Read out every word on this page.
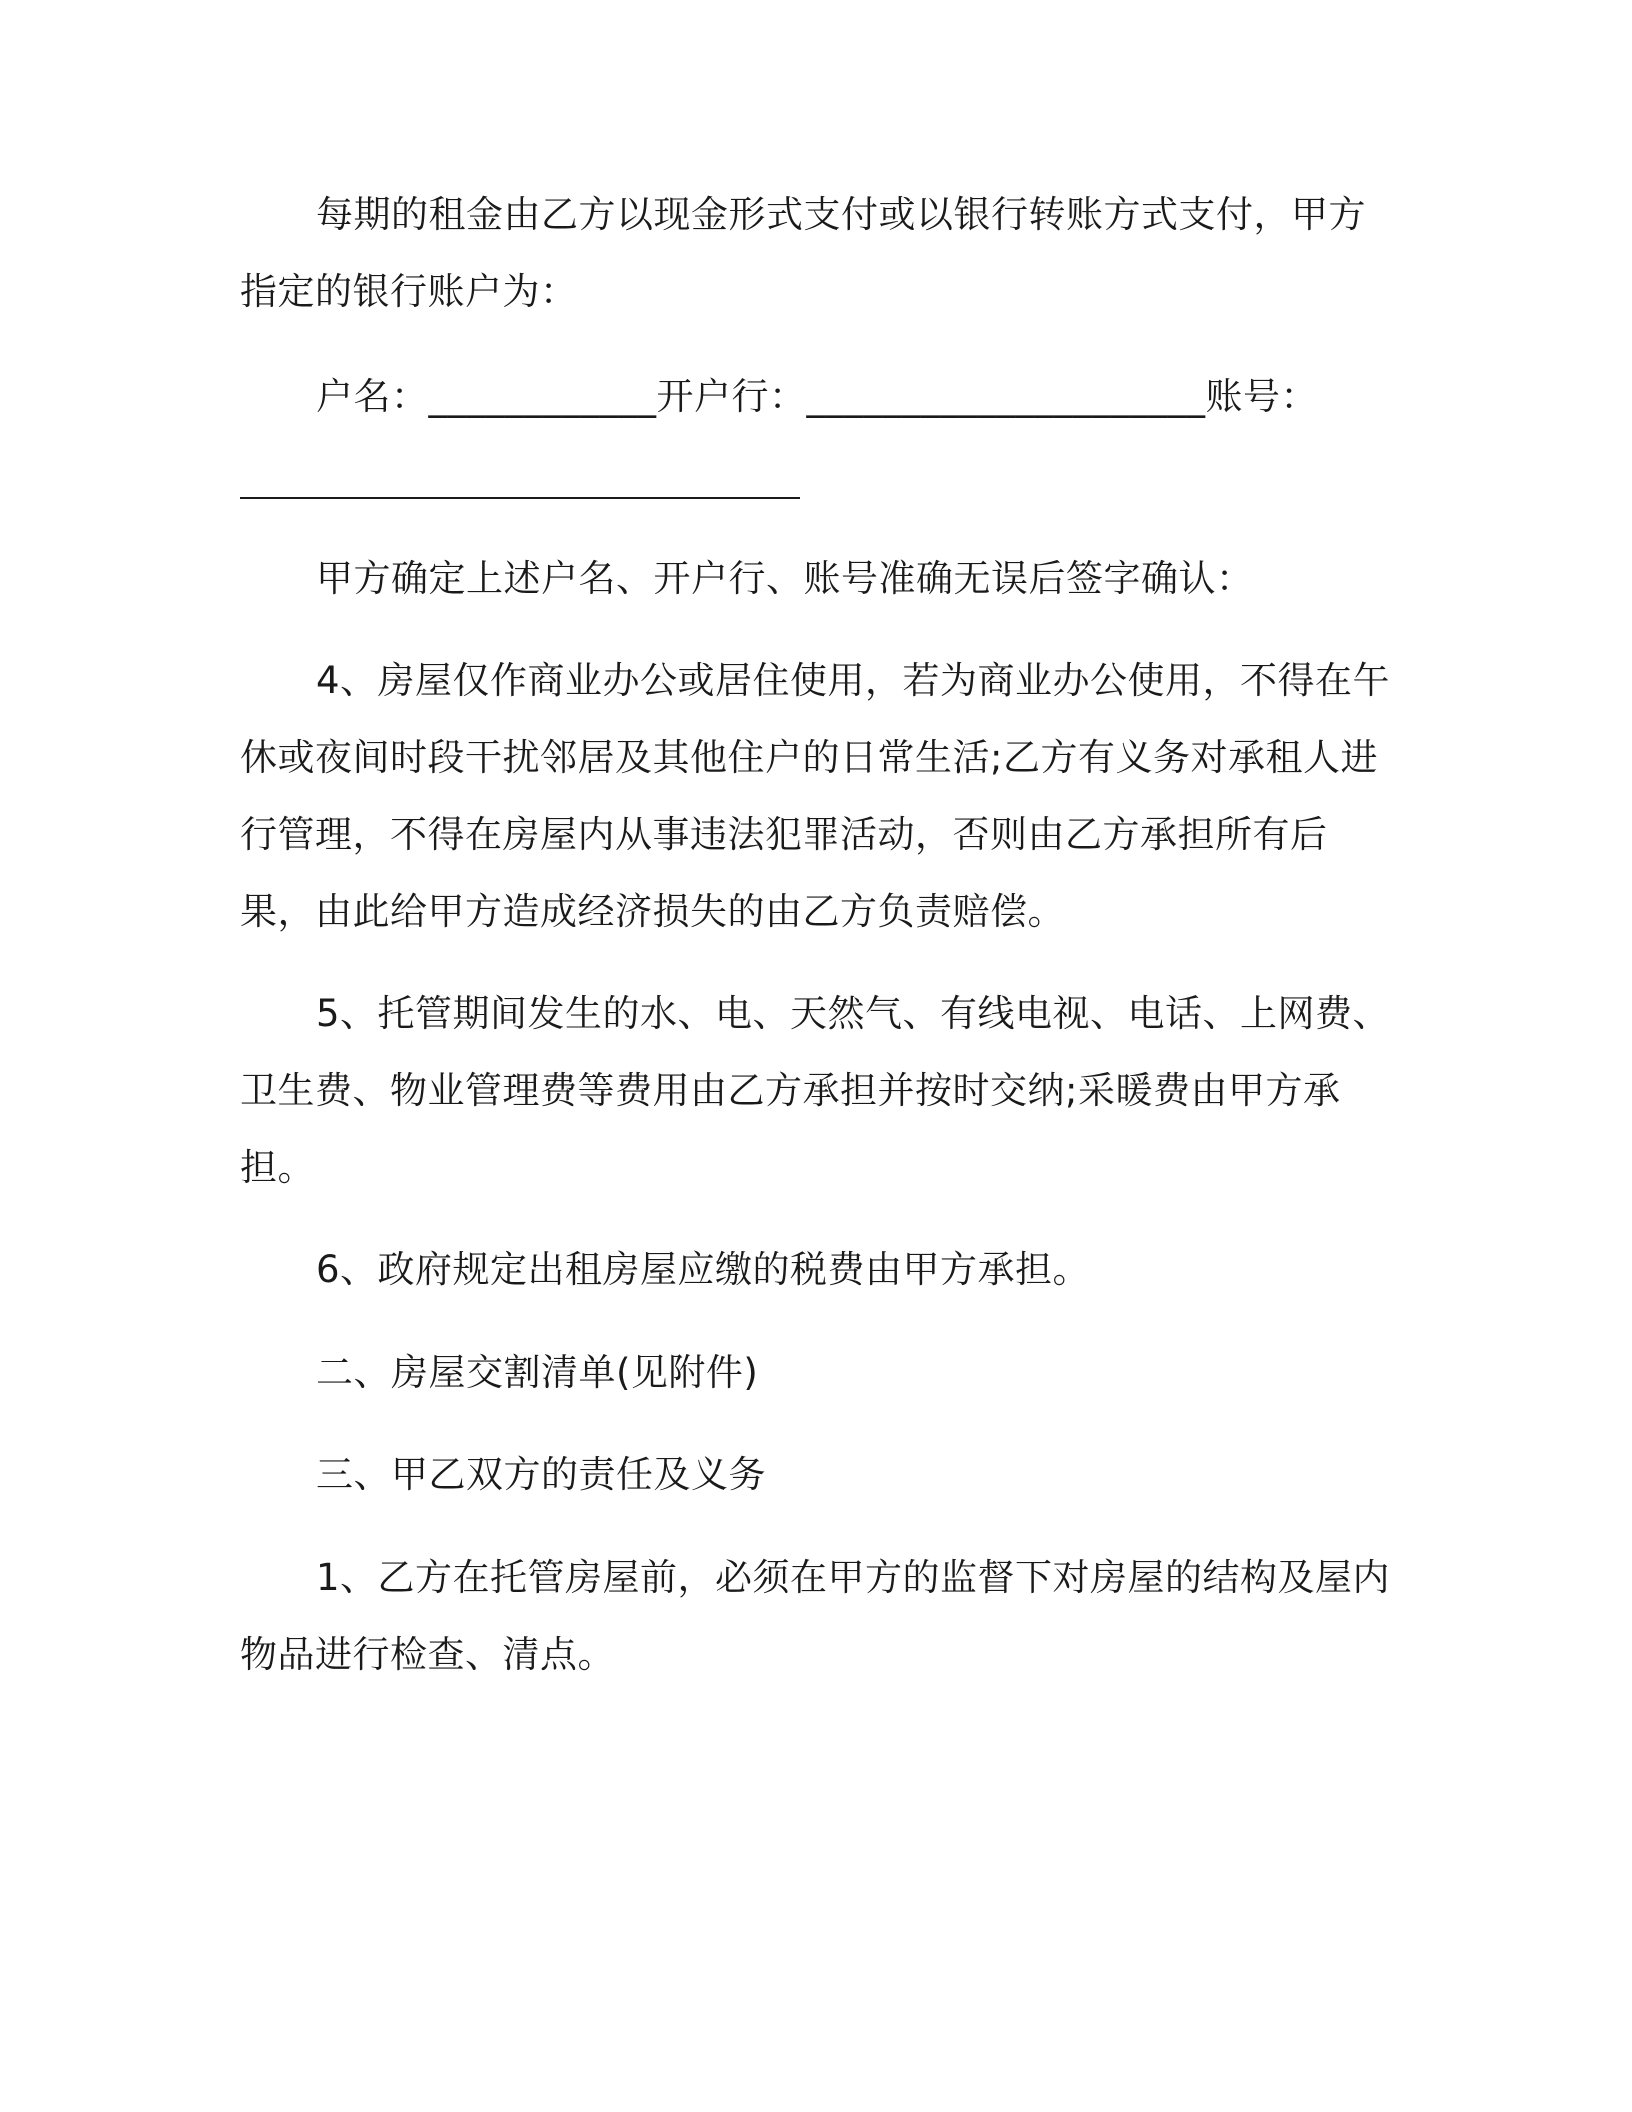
每期的租金由乙方以现金形式支付或以银行转账方式支付，甲方
指定的银行账户为：
户名：____________开户行：_____________________账号：
甲方确定上述户名、开户行、账号准确无误后签字确认：
4、房屋仅作商业办公或居住使用，若为商业办公使用，不得在午
休或夜间时段干扰邻居及其他住户的日常生活;乙方有义务对承租人进
行管理，不得在房屋内从事违法犯罪活动，否则由乙方承担所有后
果，由此给甲方造成经济损失的由乙方负责赔偿。
5、托管期间发生的水、电、天然气、有线电视、电话、上网费、
卫生费、物业管理费等费用由乙方承担并按时交纳;采暖费由甲方承
担。
6、政府规定出租房屋应缴的税费由甲方承担。
二、房屋交割清单(见附件)
三、甲乙双方的责任及义务
1、乙方在托管房屋前，必须在甲方的监督下对房屋的结构及屋内
物品进行检查、清点。
